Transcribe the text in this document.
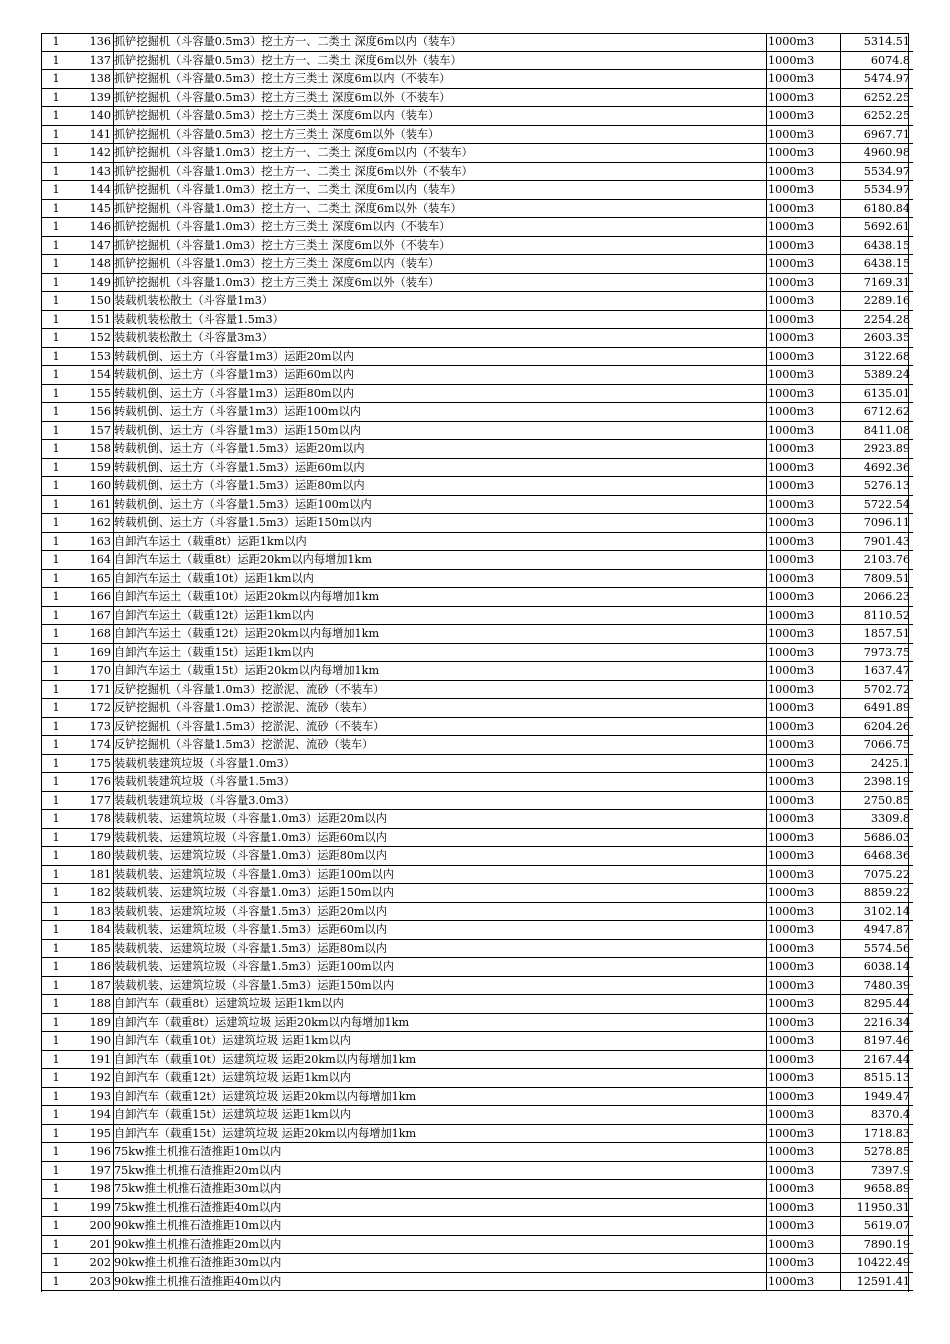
1	136	抓铲挖掘机（斗容量0.5m3）挖土方一、二类土 深度6m以内（装车）	1000m3	5314.51
1	137	抓铲挖掘机（斗容量0.5m3）挖土方一、二类土 深度6m以外（装车）	1000m3	6074.8
1	138	抓铲挖掘机（斗容量0.5m3）挖土方三类土 深度6m以内（不装车）	1000m3	5474.97
1	139	抓铲挖掘机（斗容量0.5m3）挖土方三类土 深度6m以外（不装车）	1000m3	6252.25
1	140	抓铲挖掘机（斗容量0.5m3）挖土方三类土 深度6m以内（装车）	1000m3	6252.25
1	141	抓铲挖掘机（斗容量0.5m3）挖土方三类土 深度6m以外（装车）	1000m3	6967.71
1	142	抓铲挖掘机（斗容量1.0m3）挖土方一、二类土 深度6m以内（不装车）	1000m3	4960.98
1	143	抓铲挖掘机（斗容量1.0m3）挖土方一、二类土 深度6m以外（不装车）	1000m3	5534.97
1	144	抓铲挖掘机（斗容量1.0m3）挖土方一、二类土 深度6m以内（装车）	1000m3	5534.97
1	145	抓铲挖掘机（斗容量1.0m3）挖土方一、二类土 深度6m以外（装车）	1000m3	6180.84
1	146	抓铲挖掘机（斗容量1.0m3）挖土方三类土 深度6m以内（不装车）	1000m3	5692.61
1	147	抓铲挖掘机（斗容量1.0m3）挖土方三类土 深度6m以外（不装车）	1000m3	6438.15
1	148	抓铲挖掘机（斗容量1.0m3）挖土方三类土 深度6m以内（装车）	1000m3	6438.15
1	149	抓铲挖掘机（斗容量1.0m3）挖土方三类土 深度6m以外（装车）	1000m3	7169.31
1	150	装载机装松散土（斗容量1m3）	1000m3	2289.16
1	151	装载机装松散土（斗容量1.5m3）	1000m3	2254.28
1	152	装载机装松散土（斗容量3m3）	1000m3	2603.35
1	153	转载机倒、运土方（斗容量1m3）运距20m以内	1000m3	3122.68
1	154	转载机倒、运土方（斗容量1m3）运距60m以内	1000m3	5389.24
1	155	转载机倒、运土方（斗容量1m3）运距80m以内	1000m3	6135.01
1	156	转载机倒、运土方（斗容量1m3）运距100m以内	1000m3	6712.62
1	157	转载机倒、运土方（斗容量1m3）运距150m以内	1000m3	8411.08
1	158	转载机倒、运土方（斗容量1.5m3）运距20m以内	1000m3	2923.89
1	159	转载机倒、运土方（斗容量1.5m3）运距60m以内	1000m3	4692.36
1	160	转载机倒、运土方（斗容量1.5m3）运距80m以内	1000m3	5276.13
1	161	转载机倒、运土方（斗容量1.5m3）运距100m以内	1000m3	5722.54
1	162	转载机倒、运土方（斗容量1.5m3）运距150m以内	1000m3	7096.11
1	163	自卸汽车运土（载重8t）运距1km以内	1000m3	7901.43
1	164	自卸汽车运土（载重8t）运距20km以内每增加1km	1000m3	2103.76
1	165	自卸汽车运土（载重10t）运距1km以内	1000m3	7809.51
1	166	自卸汽车运土（载重10t）运距20km以内每增加1km	1000m3	2066.23
1	167	自卸汽车运土（载重12t）运距1km以内	1000m3	8110.52
1	168	自卸汽车运土（载重12t）运距20km以内每增加1km	1000m3	1857.51
1	169	自卸汽车运土（载重15t）运距1km以内	1000m3	7973.75
1	170	自卸汽车运土（载重15t）运距20km以内每增加1km	1000m3	1637.47
1	171	反铲挖掘机（斗容量1.0m3）挖淤泥、流砂（不装车）	1000m3	5702.72
1	172	反铲挖掘机（斗容量1.0m3）挖淤泥、流砂（装车）	1000m3	6491.89
1	173	反铲挖掘机（斗容量1.5m3）挖淤泥、流砂（不装车）	1000m3	6204.26
1	174	反铲挖掘机（斗容量1.5m3）挖淤泥、流砂（装车）	1000m3	7066.75
1	175	装载机装建筑垃圾（斗容量1.0m3）	1000m3	2425.1
1	176	装载机装建筑垃圾（斗容量1.5m3）	1000m3	2398.19
1	177	装载机装建筑垃圾（斗容量3.0m3）	1000m3	2750.85
1	178	装载机装、运建筑垃圾（斗容量1.0m3）运距20m以内	1000m3	3309.8
1	179	装载机装、运建筑垃圾（斗容量1.0m3）运距60m以内	1000m3	5686.03
1	180	装载机装、运建筑垃圾（斗容量1.0m3）运距80m以内	1000m3	6468.36
1	181	装载机装、运建筑垃圾（斗容量1.0m3）运距100m以内	1000m3	7075.22
1	182	装载机装、运建筑垃圾（斗容量1.0m3）运距150m以内	1000m3	8859.22
1	183	装载机装、运建筑垃圾（斗容量1.5m3）运距20m以内	1000m3	3102.14
1	184	装载机装、运建筑垃圾（斗容量1.5m3）运距60m以内	1000m3	4947.87
1	185	装载机装、运建筑垃圾（斗容量1.5m3）运距80m以内	1000m3	5574.56
1	186	装载机装、运建筑垃圾（斗容量1.5m3）运距100m以内	1000m3	6038.14
1	187	装载机装、运建筑垃圾（斗容量1.5m3）运距150m以内	1000m3	7480.39
1	188	自卸汽车（载重8t）运建筑垃圾 运距1km以内	1000m3	8295.44
1	189	自卸汽车（载重8t）运建筑垃圾 运距20km以内每增加1km	1000m3	2216.34
1	190	自卸汽车（载重10t）运建筑垃圾 运距1km以内	1000m3	8197.46
1	191	自卸汽车（载重10t）运建筑垃圾 运距20km以内每增加1km	1000m3	2167.44
1	192	自卸汽车（载重12t）运建筑垃圾 运距1km以内	1000m3	8515.13
1	193	自卸汽车（载重12t）运建筑垃圾 运距20km以内每增加1km	1000m3	1949.47
1	194	自卸汽车（载重15t）运建筑垃圾 运距1km以内	1000m3	8370.4
1	195	自卸汽车（载重15t）运建筑垃圾 运距20km以内每增加1km	1000m3	1718.83
1	196	75kw推土机推石渣推距10m以内	1000m3	5278.85
1	197	75kw推土机推石渣推距20m以内	1000m3	7397.9
1	198	75kw推土机推石渣推距30m以内	1000m3	9658.89
1	199	75kw推土机推石渣推距40m以内	1000m3	11950.31
1	200	90kw推土机推石渣推距10m以内	1000m3	5619.07
1	201	90kw推土机推石渣推距20m以内	1000m3	7890.19
1	202	90kw推土机推石渣推距30m以内	1000m3	10422.49
1	203	90kw推土机推石渣推距40m以内	1000m3	12591.41
